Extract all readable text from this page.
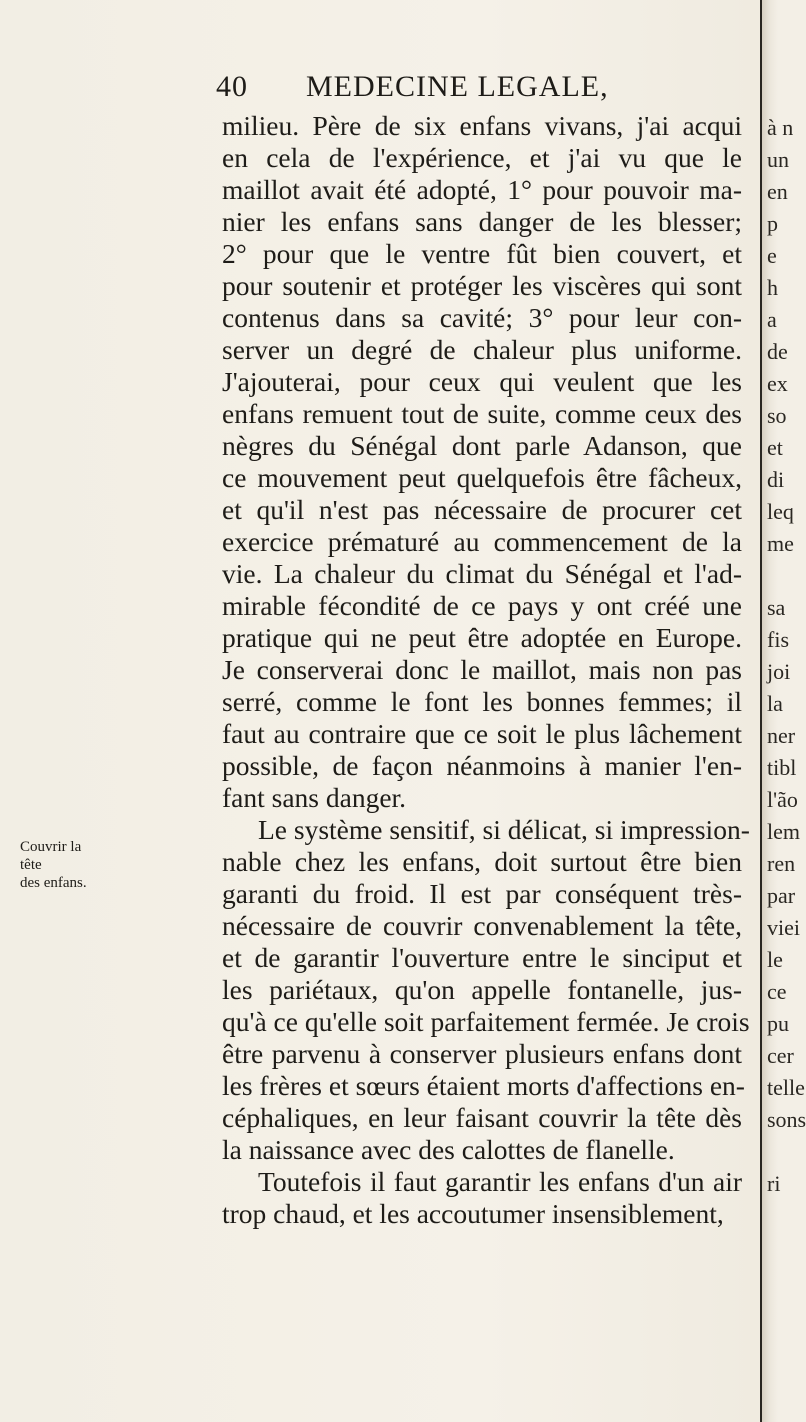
40 MEDECINE LEGALE,
Couvrir la tête
des enfans.
milieu. Père de six enfans vivans, j'ai acqui
en cela de l'expérience, et j'ai vu que le
maillot avait été adopté, 1° pour pouvoir ma-
nier les enfans sans danger de les blesser;
2° pour que le ventre fût bien couvert, et
pour soutenir et protéger les viscères qui sont
contenus dans sa cavité; 3° pour leur con-
server un degré de chaleur plus uniforme.
J'ajouterai, pour ceux qui veulent que les
enfans remuent tout de suite, comme ceux des
nègres du Sénégal dont parle Adanson, que
ce mouvement peut quelquefois être fâcheux,
et qu'il n'est pas nécessaire de procurer cet
exercice prématuré au commencement de la
vie. La chaleur du climat du Sénégal et l'ad-
mirable fécondité de ce pays y ont créé une
pratique qui ne peut être adoptée en Europe.
Je conserverai donc le maillot, mais non pas
serré, comme le font les bonnes femmes; il
faut au contraire que ce soit le plus lâchement
possible, de façon néanmoins à manier l'en-
fant sans danger.
Le système sensitif, si délicat, si impression-
nable chez les enfans, doit surtout être bien
garanti du froid. Il est par conséquent très-
nécessaire de couvrir convenablement la tête,
et de garantir l'ouverture entre le sinciput et
les pariétaux, qu'on appelle fontanelle, jus-
qu'à ce qu'elle soit parfaitement fermée. Je crois
être parvenu à conserver plusieurs enfans dont
les frères et sœurs étaient morts d'affections en-
céphaliques, en leur faisant couvrir la tête dès
la naissance avec des calottes de flanelle.
Toutefois il faut garantir les enfans d'un air
trop chaud, et les accoutumer insensiblement,
à n
un
en
p
e
h
a
de
ex
so
et
di
leq
me
sa
fis
joi
la
ner
tibl
l'ão
lem
ren
par
viei
le
ce
pu
cer
telle
sons
ri
